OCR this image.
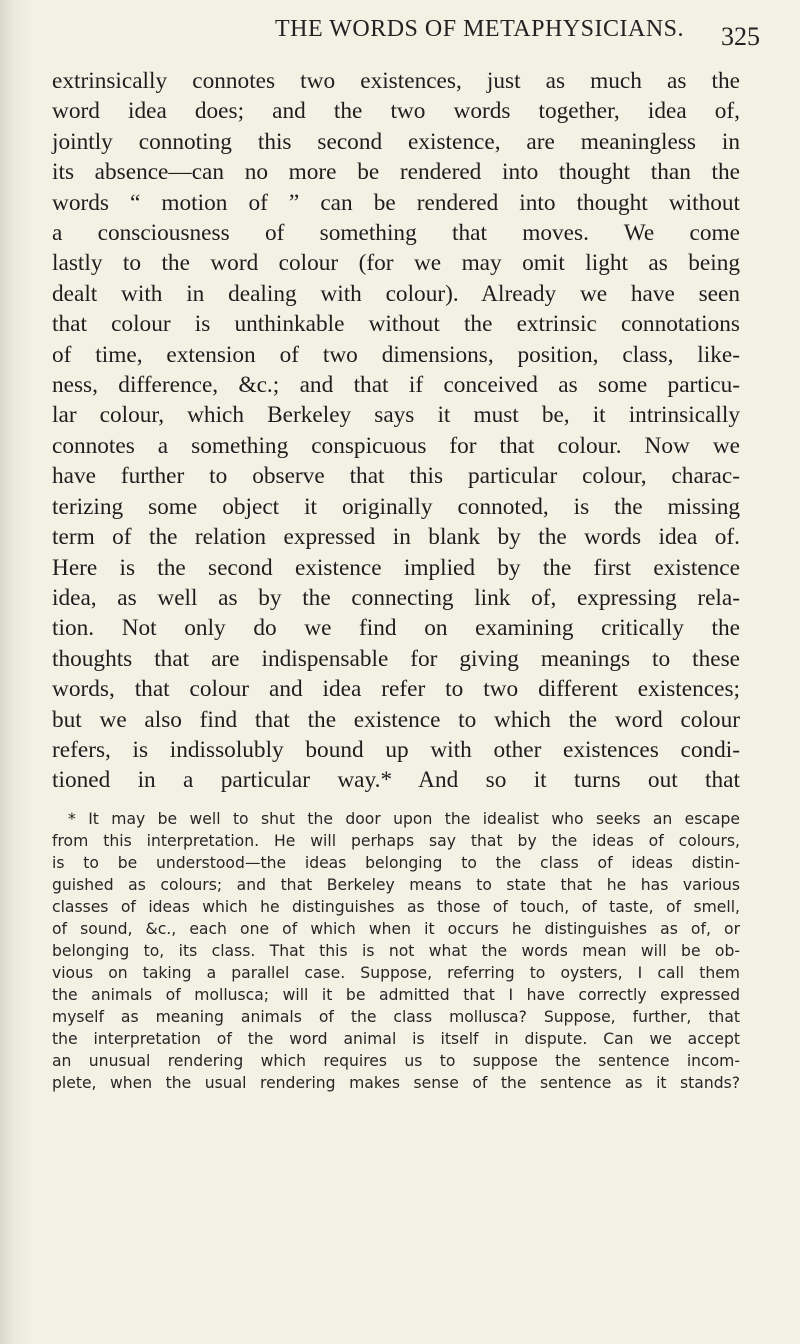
THE WORDS OF METAPHYSICIANS. 325
extrinsically connotes two existences, just as much as the
word idea does; and the two words together, idea of,
jointly connoting this second existence, are meaningless in
its absence—can no more be rendered into thought than the
words “ motion of ” can be rendered into thought without
a consciousness of something that moves. We come
lastly to the word colour (for we may omit light as being
dealt with in dealing with colour). Already we have seen
that colour is unthinkable without the extrinsic connotations
of time, extension of two dimensions, position, class, like-
ness, difference, &c.; and that if conceived as some particu-
lar colour, which Berkeley says it must be, it intrinsically
connotes a something conspicuous for that colour. Now we
have further to observe that this particular colour, charac-
terizing some object it originally connoted, is the missing
term of the relation expressed in blank by the words idea of.
Here is the second existence implied by the first existence
idea, as well as by the connecting link of, expressing rela-
tion. Not only do we find on examining critically the
thoughts that are indispensable for giving meanings to these
words, that colour and idea refer to two different existences;
but we also find that the existence to which the word colour
refers, is indissolubly bound up with other existences condi-
tioned in a particular way.* And so it turns out that
* It may be well to shut the door upon the idealist who seeks an escape
from this interpretation. He will perhaps say that by the ideas of colours,
is to be understood—the ideas belonging to the class of ideas distin-
guished as colours; and that Berkeley means to state that he has various
classes of ideas which he distinguishes as those of touch, of taste, of smell,
of sound, &c., each one of which when it occurs he distinguishes as of, or
belonging to, its class. That this is not what the words mean will be ob-
vious on taking a parallel case. Suppose, referring to oysters, I call them
the animals of mollusca; will it be admitted that I have correctly expressed
myself as meaning animals of the class mollusca? Suppose, further, that
the interpretation of the word animal is itself in dispute. Can we accept
an unusual rendering which requires us to suppose the sentence incom-
plete, when the usual rendering makes sense of the sentence as it stands?
